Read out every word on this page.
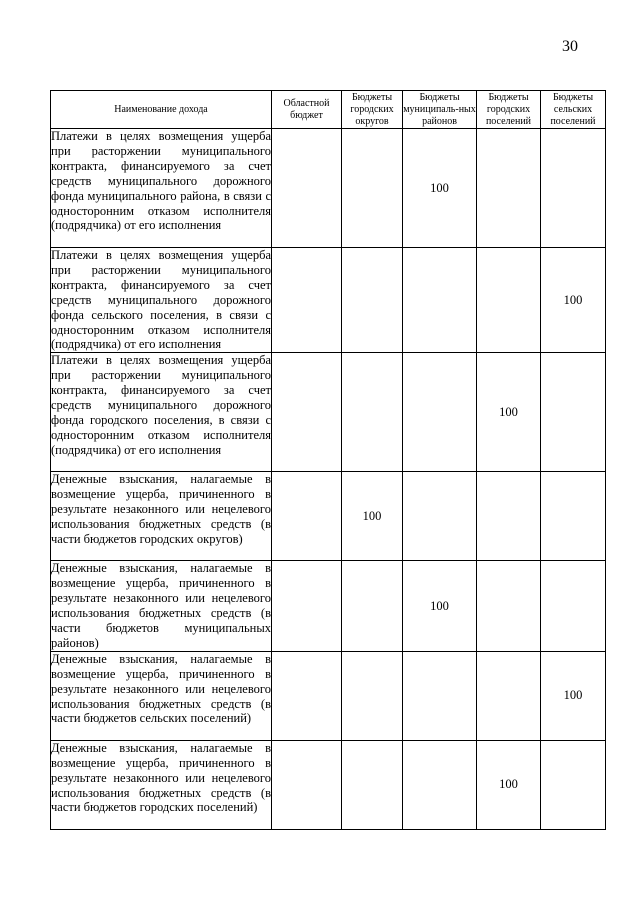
30
Наименование дохода	Областной бюджет	Бюджеты городских округов	Бюджеты муниципаль-ных районов	Бюджеты городских поселений	Бюджеты сельских поселений
Платежи в целях возмещения ущерба при расторжении муниципального контракта, финансируемого за счет средств муниципального дорожного фонда муниципального района, в связи с односторонним отказом исполнителя (подрядчика) от его исполнения			100		
Платежи в целях возмещения ущерба при расторжении муниципального контракта, финансируемого за счет средств муниципального дорожного фонда сельского поселения, в связи с односторонним отказом исполнителя (подрядчика) от его исполнения					100
Платежи в целях возмещения ущерба при расторжении муниципального контракта, финансируемого за счет средств муниципального дорожного фонда городского поселения, в связи с односторонним отказом исполнителя (подрядчика) от его исполнения				100	
Денежные взыскания, налагаемые в возмещение ущерба, причиненного в результате незаконного или нецелевого использования бюджетных средств (в части бюджетов городских округов)		100			
Денежные взыскания, налагаемые в возмещение ущерба, причиненного в результате незаконного или нецелевого использования бюджетных средств (в части бюджетов муниципальных районов)			100		
Денежные взыскания, налагаемые в возмещение ущерба, причиненного в результате незаконного или нецелевого использования бюджетных средств (в части бюджетов сельских поселений)					100
Денежные взыскания, налагаемые в возмещение ущерба, причиненного в результате незаконного или нецелевого использования бюджетных средств (в части бюджетов городских поселений)				100	
